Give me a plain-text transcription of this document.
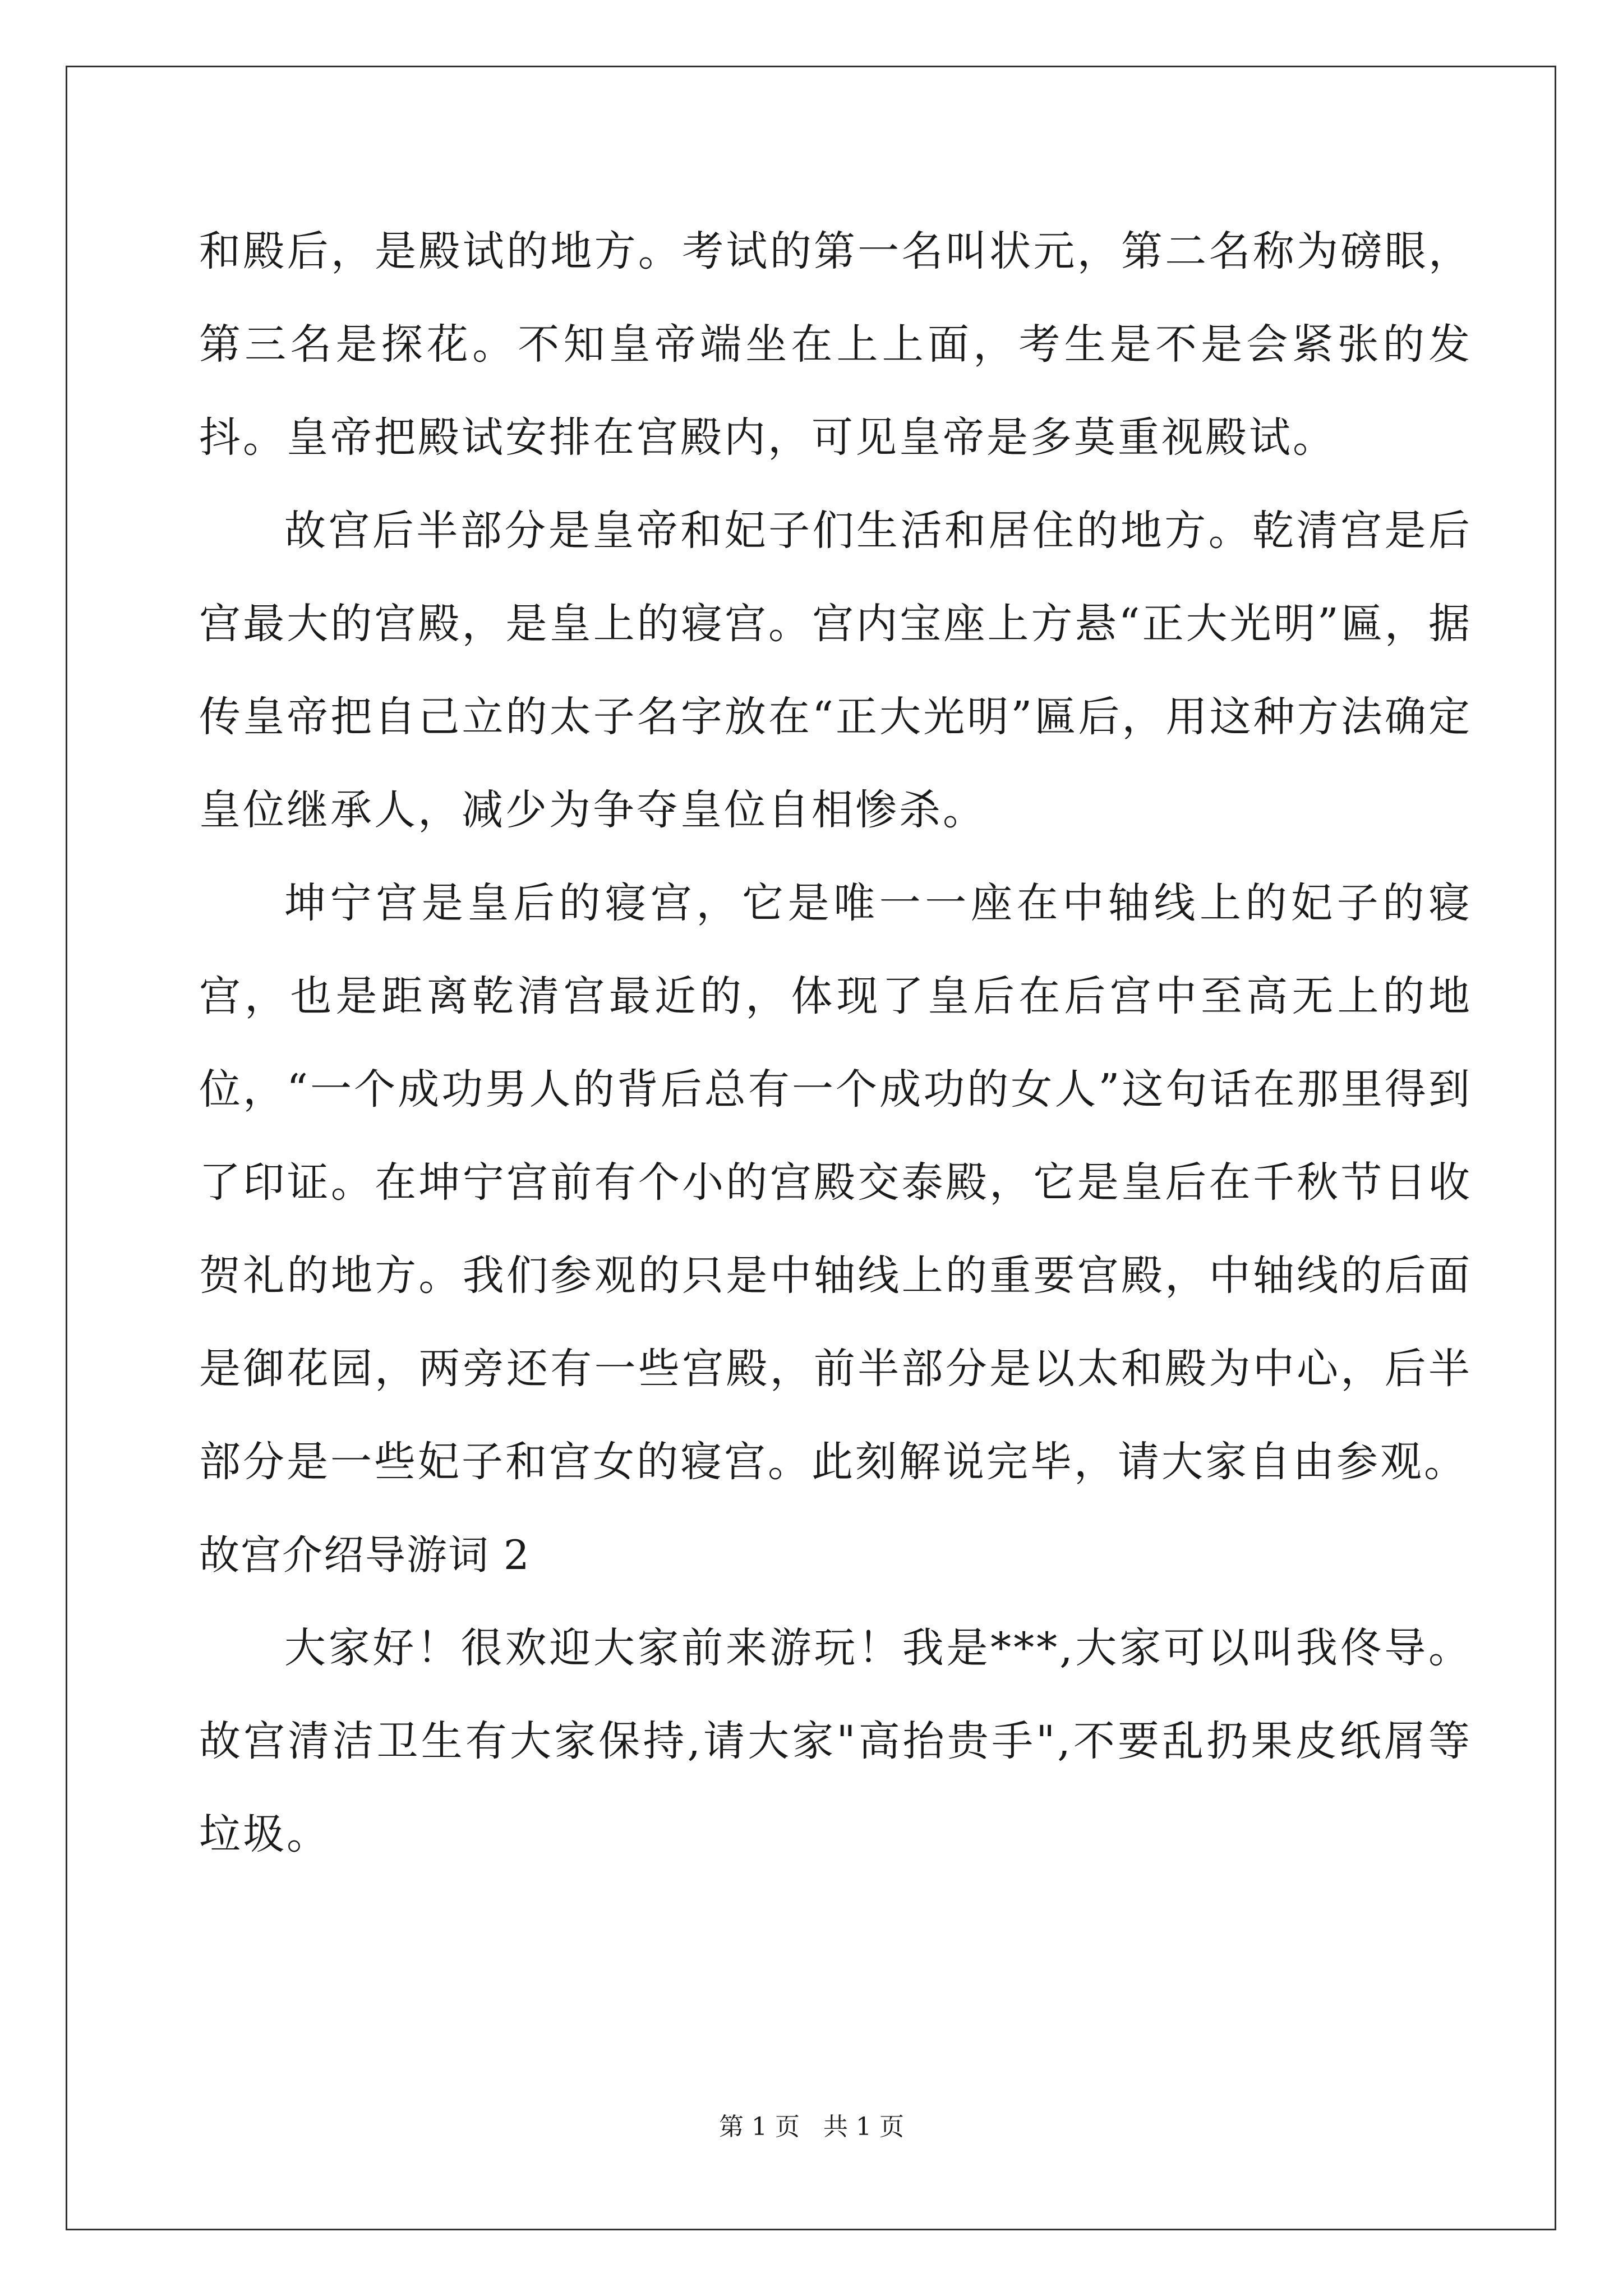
和殿后，是殿试的地方。考试的第一名叫状元，第二名称为磅眼，第三名是探花。不知皇帝端坐在上上面，考生是不是会紧张的发抖。皇帝把殿试安排在宫殿内，可见皇帝是多莫重视殿试。

故宫后半部分是皇帝和妃子们生活和居住的地方。乾清宫是后宫最大的宫殿，是皇上的寝宫。宫内宝座上方悬“正大光明”匾，据传皇帝把自己立的太子名字放在“正大光明”匾后，用这种方法确定皇位继承人，减少为争夺皇位自相惨杀。

坤宁宫是皇后的寝宫，它是唯一一座在中轴线上的妃子的寝宫，也是距离乾清宫最近的，体现了皇后在后宫中至高无上的地位，“一个成功男人的背后总有一个成功的女人”这句话在那里得到了印证。在坤宁宫前有个小的宫殿交泰殿，它是皇后在千秋节日收贺礼的地方。我们参观的只是中轴线上的重要宫殿，中轴线的后面是御花园，两旁还有一些宫殿，前半部分是以太和殿为中心，后半部分是一些妃子和宫女的寝宫。此刻解说完毕，请大家自由参观。

故宫介绍导游词 2

大家好！很欢迎大家前来游玩！我是***,大家可以叫我佟导。故宫清洁卫生有大家保持,请大家"高抬贵手",不要乱扔果皮纸屑等垃圾。

第 1 页 共 1 页
